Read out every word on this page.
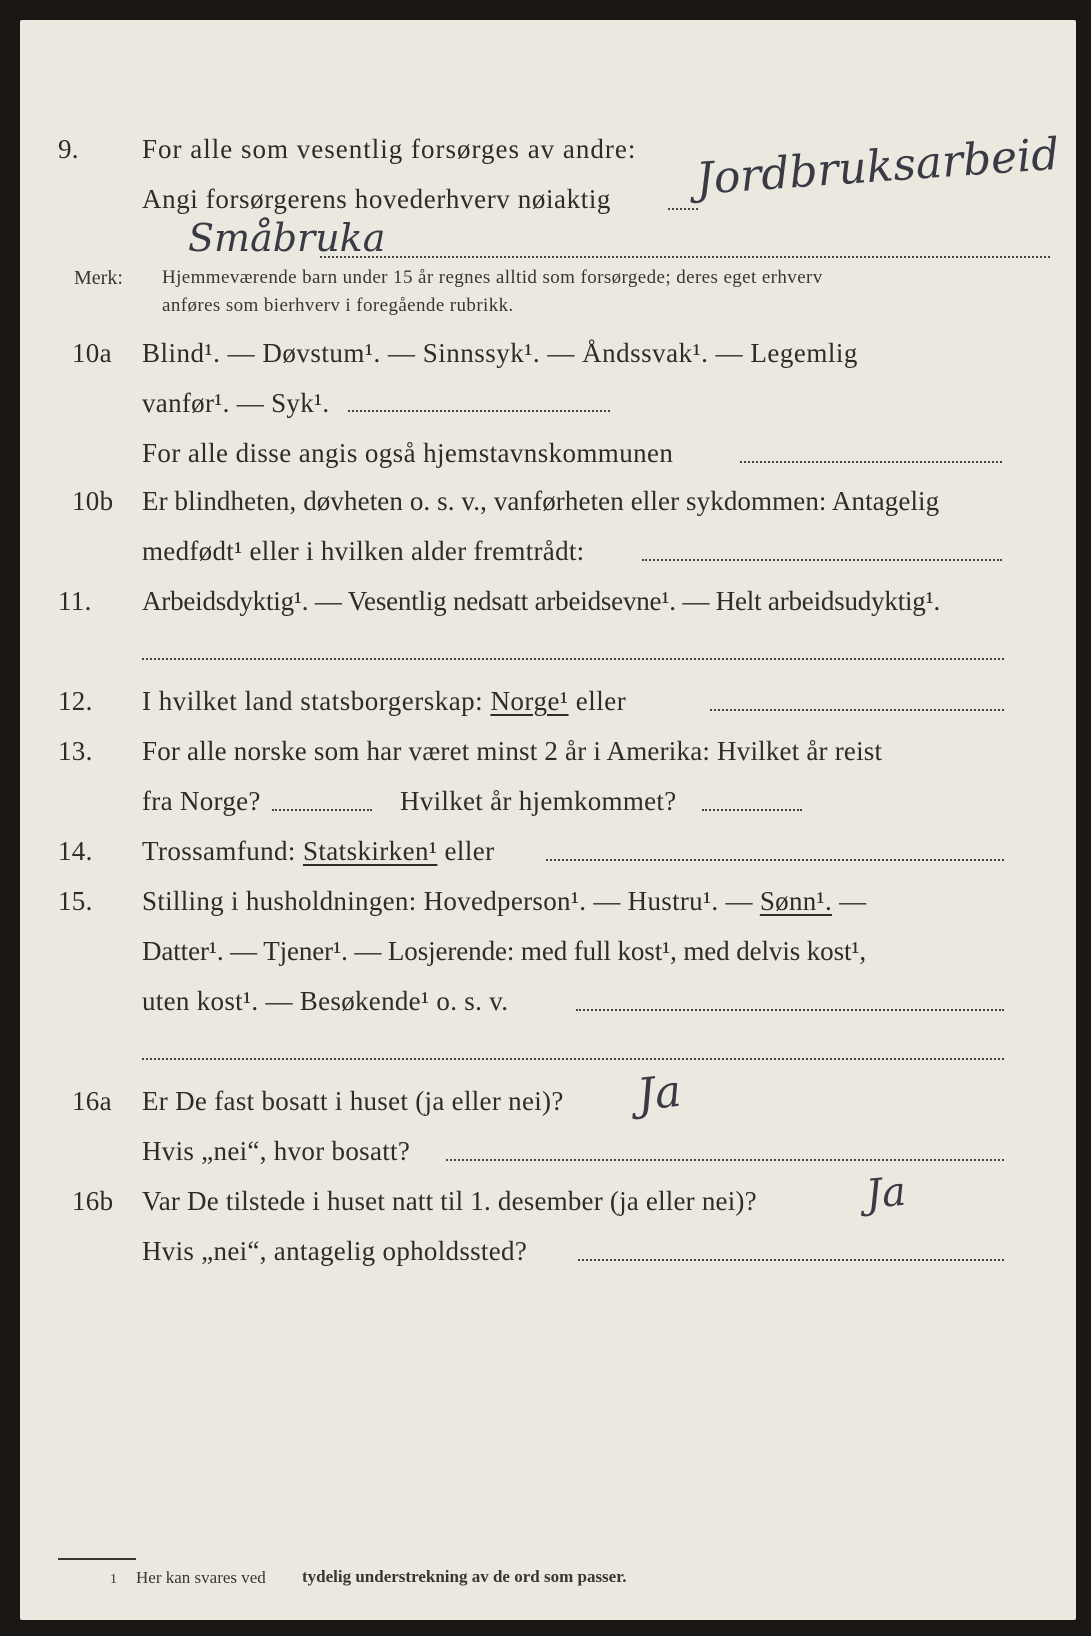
9. For alle som vesentlig forsørges av andre:
Angi forsørgerens hovederhverv nøiaktig Jordbruksarbeid
Småbruka
Merk: Hjemmeværende barn under 15 år regnes alltid som forsørgede; deres eget erhverv
anføres som bierhverv i foregående rubrikk.
10a Blind¹. — Døvstum¹. — Sinnssyk¹. — Åndssvak¹. — Legemlig
vanfør¹. — Syk¹.
For alle disse angis også hjemstavnskommunen
10b Er blindheten, døvheten o. s. v., vanførheten eller sykdommen: Antagelig
medfødt¹ eller i hvilken alder fremtrådt:
11. Arbeidsdyktig¹. — Vesentlig nedsatt arbeidsevne¹. — Helt arbeidsudyktig¹.
12. I hvilket land statsborgerskap: Norge¹ eller
13. For alle norske som har været minst 2 år i Amerika: Hvilket år reist
fra Norge?	Hvilket år hjemkommet?
14. Trossamfund: Statskirken¹ eller
15. Stilling i husholdningen: Hovedperson¹. — Hustru¹. — Sønn¹. —
Datter¹. — Tjener¹. — Losjerende: med full kost¹, med delvis kost¹,
uten kost¹. — Besøkende¹ o. s. v.
16a Er De fast bosatt i huset (ja eller nei)? Ja
Hvis „nei“, hvor bosatt?
16b Var De tilstede i huset natt til 1. desember (ja eller nei)?	Ja
Hvis „nei“, antagelig opholdssted?
1 Her kan svares ved tydelig understrekning av de ord som passer.
